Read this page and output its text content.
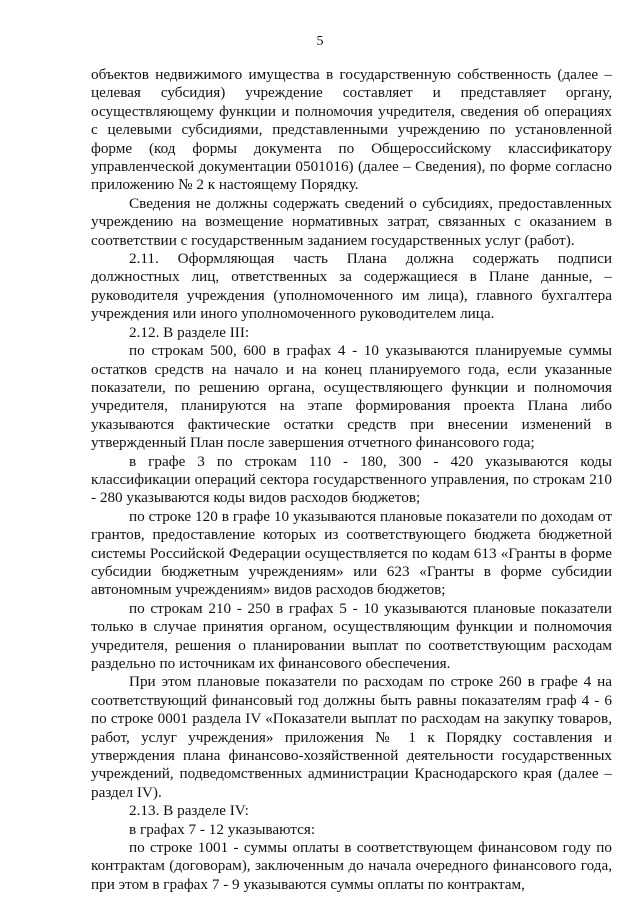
5

объектов недвижимого имущества в государственную собственность (далее – целевая субсидия) учреждение составляет и представляет органу, осуществляющему функции и полномочия учредителя, сведения об операциях с целевыми субсидиями, представленными учреждению по установленной форме (код формы документа по Общероссийскому классификатору управленческой документации 0501016) (далее – Сведения), по форме согласно приложению № 2 к настоящему Порядку.

Сведения не должны содержать сведений о субсидиях, предоставленных учреждению на возмещение нормативных затрат, связанных с оказанием в соответствии с государственным заданием государственных услуг (работ).

2.11. Оформляющая часть Плана должна содержать подписи должностных лиц, ответственных за содержащиеся в Плане данные, – руководителя учреждения (уполномоченного им лица), главного бухгалтера учреждения или иного уполномоченного руководителем лица.

2.12. В разделе III:

по строкам 500, 600 в графах 4 - 10 указываются планируемые суммы остатков средств на начало и на конец планируемого года, если указанные показатели, по решению органа, осуществляющего функции и полномочия учредителя, планируются на этапе формирования проекта Плана либо указываются фактические остатки средств при внесении изменений в утвержденный План после завершения отчетного финансового года;

в графе 3 по строкам 110 - 180, 300 - 420 указываются коды классификации операций сектора государственного управления, по строкам 210 - 280 указываются коды видов расходов бюджетов;

по строке 120 в графе 10 указываются плановые показатели по доходам от грантов, предоставление которых из соответствующего бюджета бюджетной системы Российской Федерации осуществляется по кодам 613 «Гранты в форме субсидии бюджетным учреждениям» или 623 «Гранты в форме субсидии автономным учреждениям» видов расходов бюджетов;

по строкам 210 - 250 в графах 5 - 10 указываются плановые показатели только в случае принятия органом, осуществляющим функции и полномочия учредителя, решения о планировании выплат по соответствующим расходам раздельно по источникам их финансового обеспечения.

При этом плановые показатели по расходам по строке 260 в графе 4 на соответствующий финансовый год должны быть равны показателям граф 4 - 6 по строке 0001 раздела IV «Показатели выплат по расходам на закупку товаров, работ, услуг учреждения» приложения № 1 к Порядку составления и утверждения плана финансово-хозяйственной деятельности государственных учреждений, подведомственных администрации Краснодарского края (далее – раздел IV).

2.13. В разделе IV:

в графах 7 - 12 указываются:

по строке 1001 - суммы оплаты в соответствующем финансовом году по контрактам (договорам), заключенным до начала очередного финансового года, при этом в графах 7 - 9 указываются суммы оплаты по контрактам,
